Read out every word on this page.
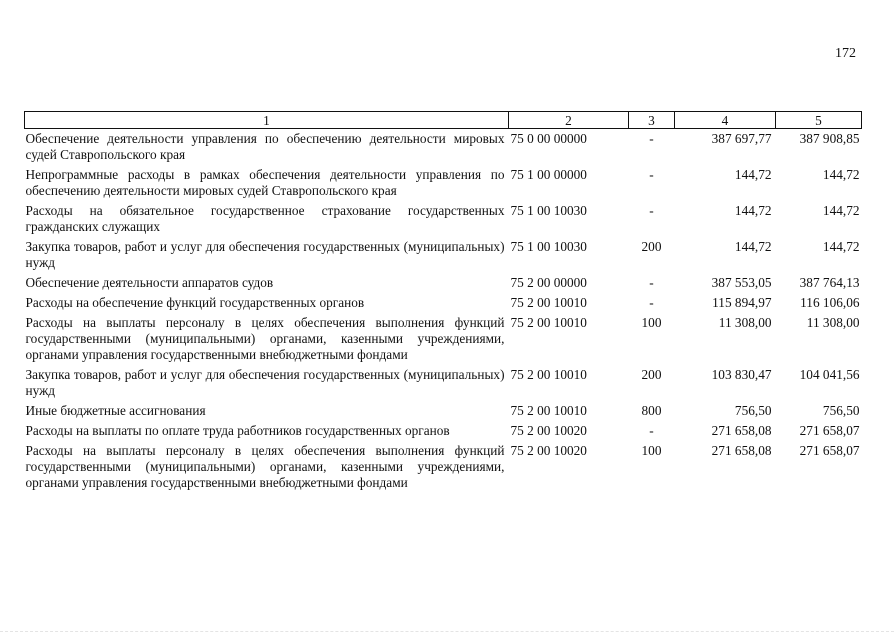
172
1	2	3	4	5
Обеспечение деятельности управления по обеспечению деятельности мировых судей Ставропольского края	75 0 00 00000	-	387 697,77	387 908,85
Непрограммные расходы в рамках обеспечения деятельности управления по обеспечению деятельности мировых судей Ставропольского края	75 1 00 00000	-	144,72	144,72
Расходы на обязательное государственное страхование государственных гражданских служащих	75 1 00 10030	-	144,72	144,72
Закупка товаров, работ и услуг для обеспечения государственных (муниципальных) нужд	75 1 00 10030	200	144,72	144,72
Обеспечение деятельности аппаратов судов	75 2 00 00000	-	387 553,05	387 764,13
Расходы на обеспечение функций государственных органов	75 2 00 10010	-	115 894,97	116 106,06
Расходы на выплаты персоналу в целях обеспечения выполнения функций государственными (муниципальными) органами, казенными учреждениями, органами управления государственными внебюджетными фондами	75 2 00 10010	100	11 308,00	11 308,00
Закупка товаров, работ и услуг для обеспечения государственных (муниципальных) нужд	75 2 00 10010	200	103 830,47	104 041,56
Иные бюджетные ассигнования	75 2 00 10010	800	756,50	756,50
Расходы на выплаты по оплате труда работников государственных органов	75 2 00 10020	-	271 658,08	271 658,07
Расходы на выплаты персоналу в целях обеспечения выполнения функций государственными (муниципальными) органами, казенными учреждениями, органами управления государственными внебюджетными фондами	75 2 00 10020	100	271 658,08	271 658,07
